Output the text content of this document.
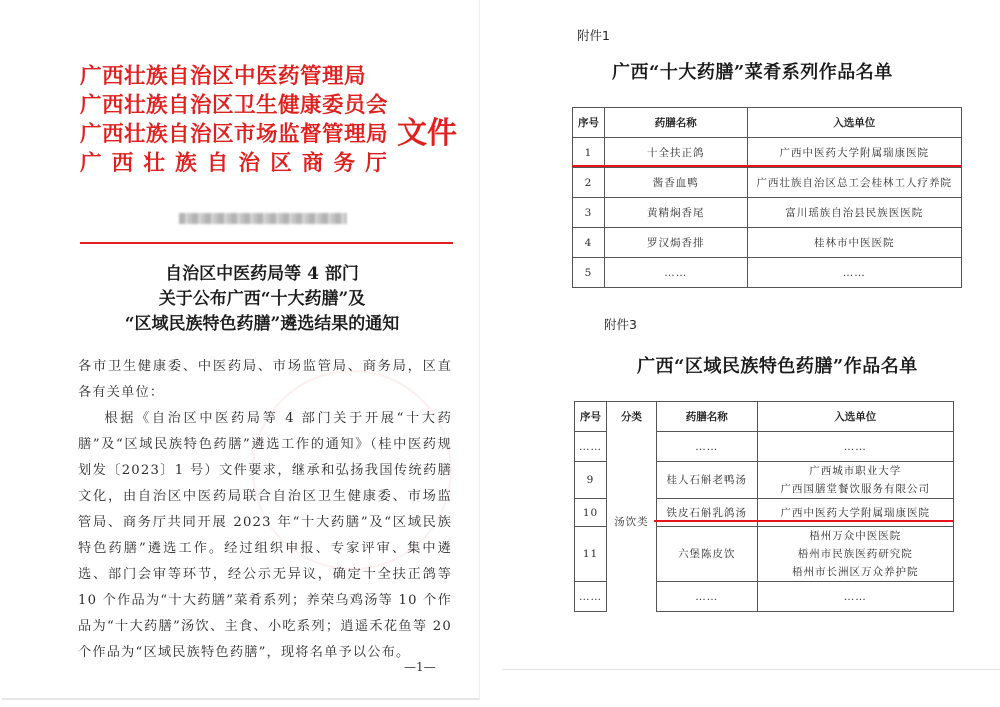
广西壮族自治区中医药管理局
广西壮族自治区卫生健康委员会
广西壮族自治区市场监督管理局
广西壮族自治区商务厅
文件
自治区中医药局等 4 部门
关于公布广西“十大药膳”及
“区域民族特色药膳”遴选结果的通知

各市卫生健康委、中医药局、市场监管局、商务局，区直各有关单位：

根据《自治区中医药局等 4 部门关于开展“十大药膳”及“区域民族特色药膳”遴选工作的通知》（桂中医药规划发〔2023〕1 号）文件要求，继承和弘扬我国传统药膳文化，由自治区中医药局联合自治区卫生健康委、市场监管局、商务厅共同开展 2023 年“十大药膳”及“区域民族特色药膳”遴选工作。经过组织申报、专家评审、集中遴选、部门会审等环节，经公示无异议，确定十全扶正鸽等 10 个作品为“十大药膳”菜肴系列；养荣乌鸡汤等 10 个作品为“十大药膳”汤饮、主食、小吃系列；逍遥禾花鱼等 20 个作品为“区域民族特色药膳”，现将名单予以公布。

—1—
附件1
广西“十大药膳”菜肴系列作品名单
序号	药膳名称	入选单位
1	十全扶正鸽	广西中医药大学附属瑞康医院
2	酱香血鸭	广西壮族自治区总工会桂林工人疗养院
3	黄精焖香尾	富川瑶族自治县民族医医院
4	罗汉焗香排	桂林市中医医院
5	……	……
附件3
广西“区域民族特色药膳”作品名单
序号	分类	药膳名称	入选单位
……	汤饮类	……	……
9		桂人石斛老鸭汤	广西城市职业大学
广西国膳堂餐饮服务有限公司

10		铁皮石斛乳鸽汤	广西中医药大学附属瑞康医院
11		六堡陈皮饮	梧州万众中医医院
梧州市民族医药研究院
梧州市长洲区万众养护院

……		……	……
